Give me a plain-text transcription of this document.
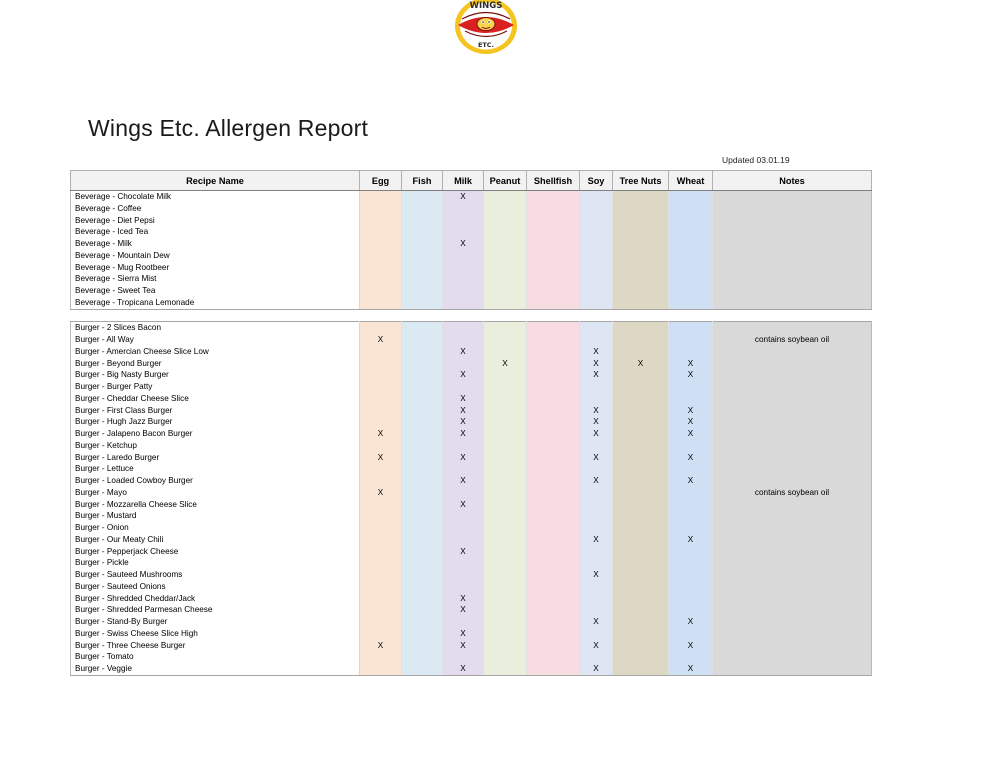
Wings Etc. Allergen Report
WINGS
ETC.
Updated 03.01.19
Recipe Name	Egg	Fish	Milk	Peanut	Shellfish	Soy	Tree Nuts	Wheat	Notes
Beverage - Chocolate Milk			X						
Beverage - Coffee									
Beverage - Diet Pepsi									
Beverage - Iced Tea									
Beverage - Milk			X						
Beverage - Mountain Dew									
Beverage - Mug Rootbeer									
Beverage - Sierra Mist									
Beverage - Sweet Tea									
Beverage - Tropicana Lemonade									

Burger - 2 Slices Bacon									
Burger - All Way	X								contains soybean oil
Burger - Amercian Cheese Slice Low			X			X			
Burger - Beyond Burger				X		X	X	X	
Burger - Big Nasty Burger			X			X		X	
Burger - Burger Patty									
Burger - Cheddar Cheese Slice			X						
Burger - First Class Burger			X			X		X	
Burger - Hugh Jazz Burger			X			X		X	
Burger - Jalapeno Bacon Burger	X		X			X		X	
Burger - Ketchup									
Burger - Laredo Burger	X		X			X		X	
Burger - Lettuce									
Burger - Loaded Cowboy Burger			X			X		X	
Burger - Mayo	X								contains soybean oil
Burger - Mozzarella Cheese Slice			X						
Burger - Mustard									
Burger - Onion									
Burger - Our Meaty Chili						X		X	
Burger - Pepperjack Cheese			X						
Burger - Pickle									
Burger - Sauteed Mushrooms						X			
Burger - Sauteed Onions									
Burger - Shredded Cheddar/Jack			X						
Burger - Shredded Parmesan Cheese			X						
Burger - Stand-By Burger						X		X	
Burger - Swiss Cheese Slice High			X						
Burger - Three Cheese Burger	X		X			X		X	
Burger - Tomato									
Burger - Veggie			X			X		X	
